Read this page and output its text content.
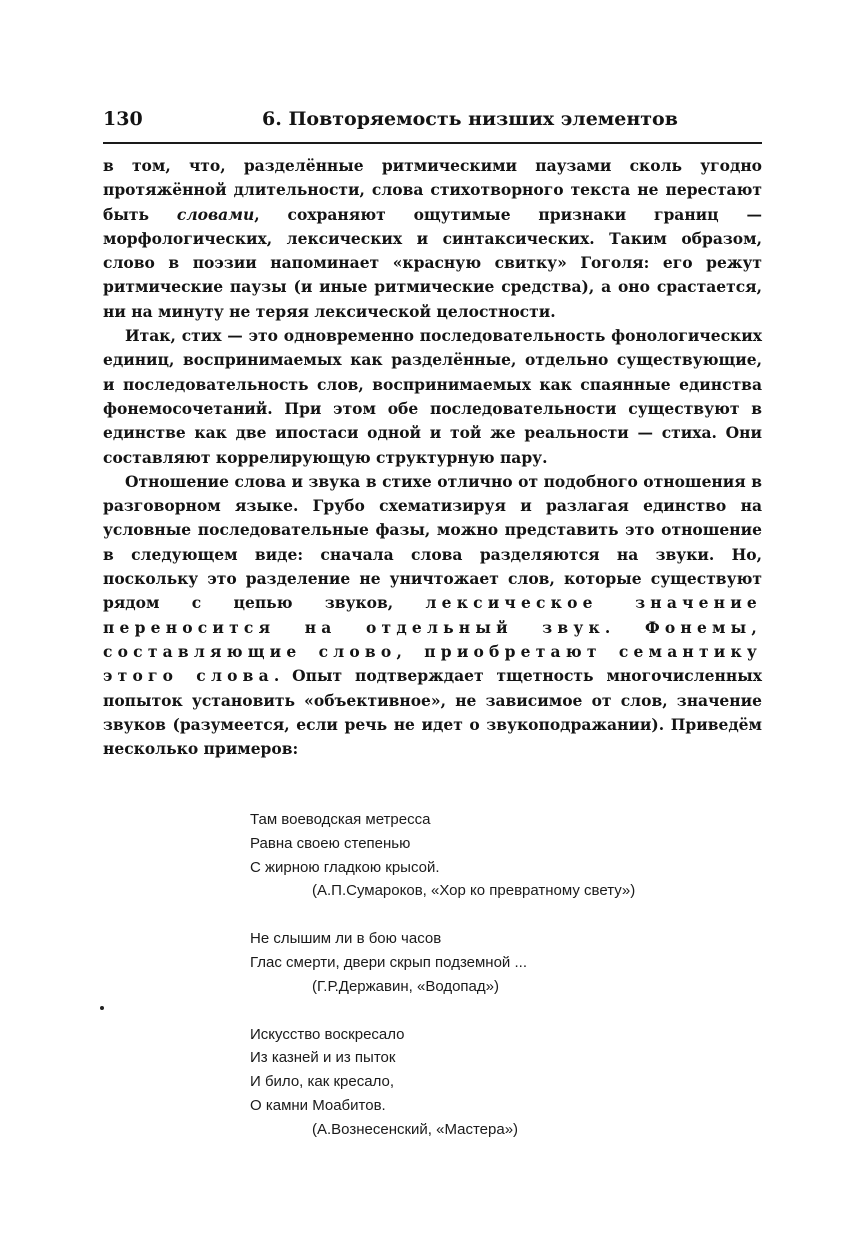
130	6. Повторяемость низших элементов

в том, что, разделённые ритмическими паузами сколь угодно протяжённой длительности, слова стихотворного текста не перестают быть словами, сохраняют ощутимые признаки границ — морфологических, лексических и синтаксических. Таким образом, слово в поэзии напоминает «красную свитку» Гоголя: его режут ритмические паузы (и иные ритмические средства), а оно срастается, ни на минуту не теряя лексической целостности.

Итак, стих — это одновременно последовательность фонологических единиц, воспринимаемых как разделённые, отдельно существующие, и последовательность слов, воспринимаемых как спаянные единства фонемосочетаний. При этом обе последовательности существуют в единстве как две ипостаси одной и той же реальности — стиха. Они составляют коррелирующую структурную пару.

Отношение слова и звука в стихе отлично от подобного отношения в разговорном языке. Грубо схематизируя и разлагая единство на условные последовательные фазы, можно представить это отношение в следующем виде: сначала слова разделяются на звуки. Но, поскольку это разделение не уничтожает слов, которые существуют рядом с цепью звуков, лексическое значение переносится на отдельный звук. Фонемы, составляющие слово, приобретают семантику этого слова. Опыт подтверждает тщетность многочисленных попыток установить «объективное», не зависимое от слов, значение звуков (разумеется, если речь не идет о звукоподражании). Приведём несколько примеров:

Там воеводская метресса
Равна своею степенью
С жирною гладкою крысой.
(А.П.Сумароков, «Хор ко превратному свету»)
Не слышим ли в бою часов
Глас смерти, двери скрып подземной ...
(Г.Р.Державин, «Водопад»)
Искусство воскресало
Из казней и из пыток
И било, как кресало,
О камни Моабитов.
(А.Вознесенский, «Мастера»)
